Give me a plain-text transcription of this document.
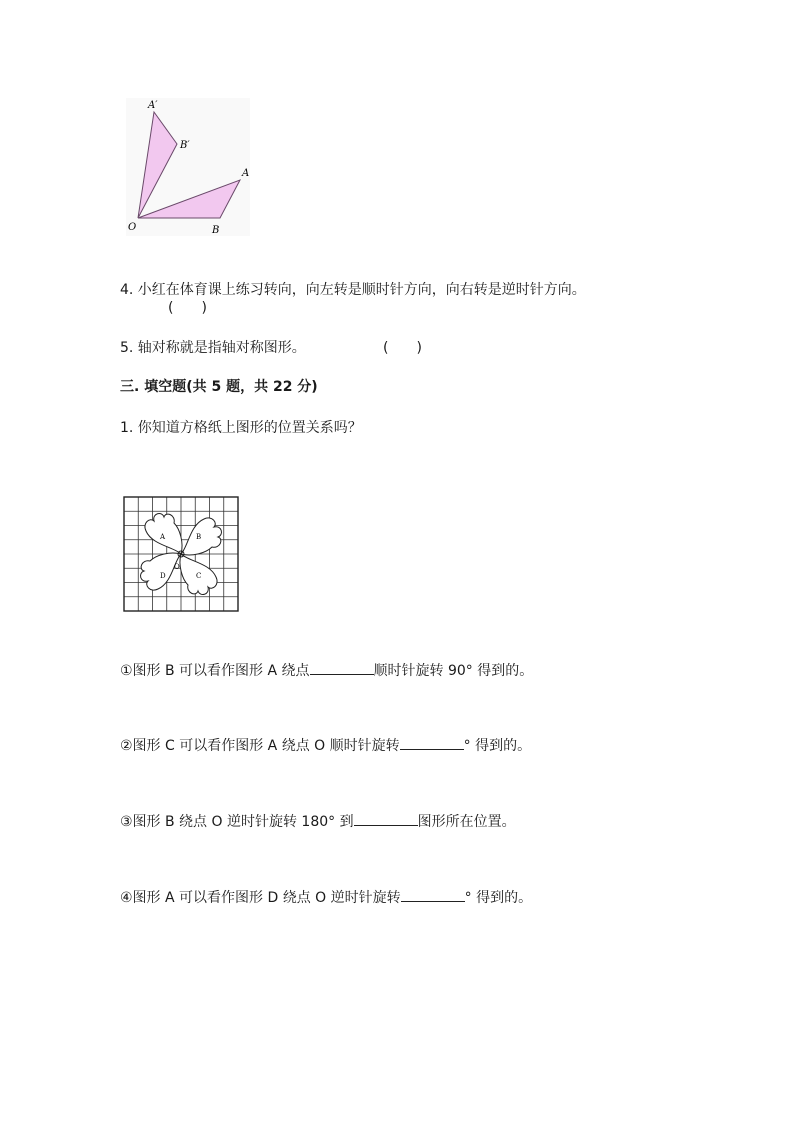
A′
B′
A
B
O
4. 小红在体育课上练习转向，向左转是顺时针方向，向右转是逆时针方向。
(　　)
5. 轴对称就是指轴对称图形。	(　　)
三. 填空题(共 5 题，共 22 分)
1. 你知道方格纸上图形的位置关系吗？
A	B
C
D
O
①图形 B 可以看作图形 A 绕点	顺时针旋转 90° 得到的。
②图形 C 可以看作图形 A 绕点 O 顺时针旋转	° 得到的。
③图形 B 绕点 O 逆时针旋转 180° 到	图形所在位置。
④图形 A 可以看作图形 D 绕点 O 逆时针旋转	° 得到的。
